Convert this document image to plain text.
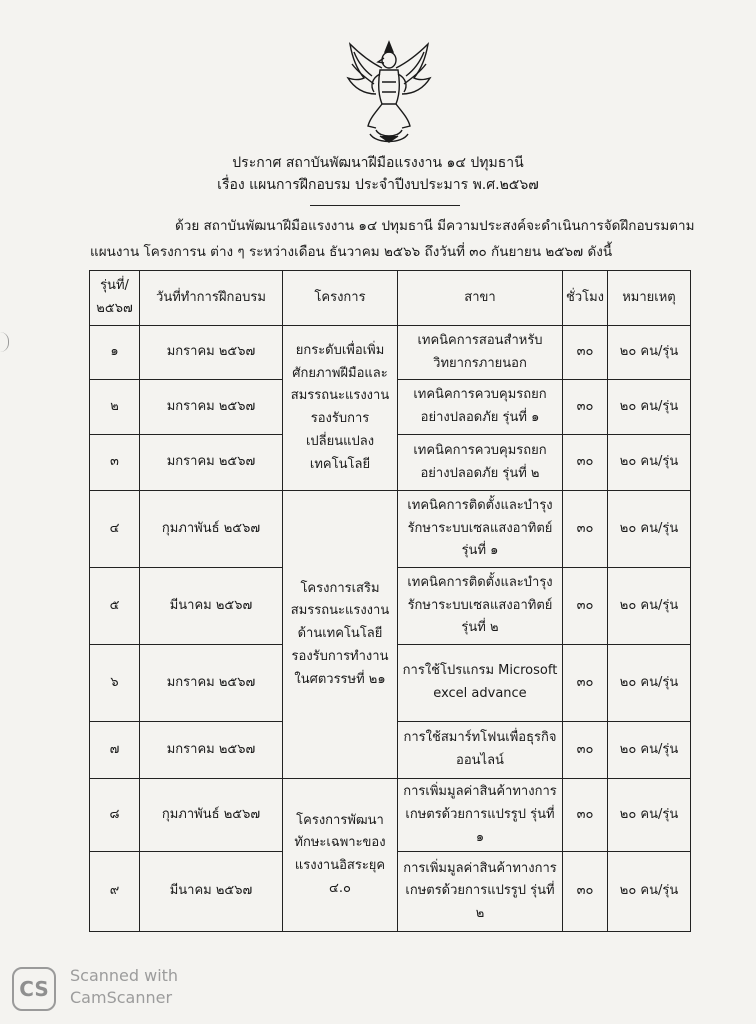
ประกาศ สถาบันพัฒนาฝีมือแรงงาน ๑๔ ปทุมธานี
เรื่อง แผนการฝึกอบรม ประจำปีงบประมาร พ.ศ.๒๕๖๗
ด้วย สถาบันพัฒนาฝีมือแรงงาน ๑๔ ปทุมธานี มีความประสงค์จะดำเนินการจัดฝึกอบรมตาม
แผนงาน โครงการน ต่าง ๆ ระหว่างเดือน ธันวาคม ๒๕๖๖ ถึงวันที่ ๓๐ กันยายน ๒๕๖๗ ดังนี้
รุ่นที่/
๒๕๖๗	วันที่ทำการฝึกอบรม	โครงการ	สาขา	ชั่วโมง	หมายเหตุ
๑	มกราคม ๒๕๖๗	ยกระดับเพื่อเพิ่มศักยภาพฝีมือและสมรรถนะแรงงานรองรับการเปลี่ยนแปลงเทคโนโลยี	เทคนิคการสอนสำหรับวิทยากรภายนอก	๓๐	๒๐ คน/รุ่น
๒	มกราคม ๒๕๖๗		เทคนิคการควบคุมรถยกอย่างปลอดภัย รุ่นที่ ๑	๓๐	๒๐ คน/รุ่น
๓	มกราคม ๒๕๖๗		เทคนิคการควบคุมรถยกอย่างปลอดภัย รุ่นที่ ๒	๓๐	๒๐ คน/รุ่น
๔	กุมภาพันธ์ ๒๕๖๗	โครงการเสริมสมรรถนะแรงงานด้านเทคโนโลยีรองรับการทำงานในศตวรรษที่ ๒๑	เทคนิคการติดตั้งและบำรุงรักษาระบบเซลแสงอาทิตย์ รุ่นที่ ๑	๓๐	๒๐ คน/รุ่น
๕	มีนาคม ๒๕๖๗		เทคนิคการติดตั้งและบำรุงรักษาระบบเซลแสงอาทิตย์ รุ่นที่ ๒	๓๐	๒๐ คน/รุ่น
๖	มกราคม ๒๕๖๗		การใช้โปรแกรม Microsoft excel advance	๓๐	๒๐ คน/รุ่น
๗	มกราคม ๒๕๖๗		การใช้สมาร์ทโฟนเพื่อธุรกิจออนไลน์	๓๐	๒๐ คน/รุ่น
๘	กุมภาพันธ์ ๒๕๖๗	โครงการพัฒนาทักษะเฉพาะของแรงงานอิสระยุค ๔.๐	การเพิ่มมูลค่าสินค้าทางการเกษตรด้วยการแปรรูป รุ่นที่ ๑	๓๐	๒๐ คน/รุ่น
๙	มีนาคม ๒๕๖๗		การเพิ่มมูลค่าสินค้าทางการเกษตรด้วยการแปรรูป รุ่นที่ ๒	๓๐	๒๐ คน/รุ่น
CS
Scanned with
CamScanner
